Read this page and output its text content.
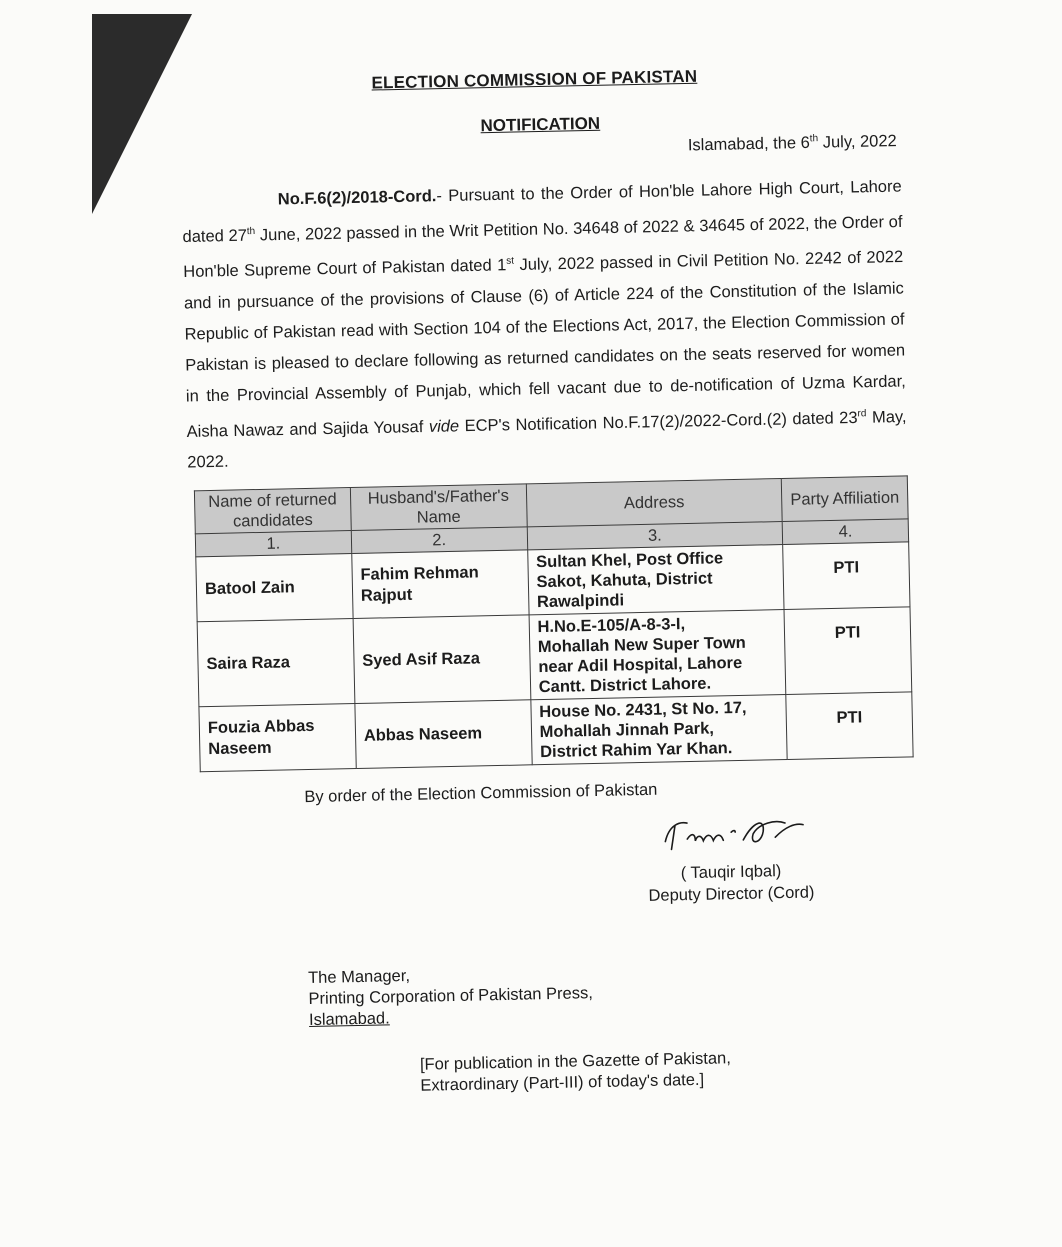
ELECTION COMMISSION OF PAKISTAN
NOTIFICATION
Islamabad, the 6th July, 2022
No.F.6(2)/2018-Cord.- Pursuant to the Order of Hon'ble Lahore High Court, Lahore dated 27th June, 2022 passed in the Writ Petition No. 34648 of 2022 & 34645 of 2022, the Order of Hon'ble Supreme Court of Pakistan dated 1st July, 2022 passed in Civil Petition No. 2242 of 2022 and in pursuance of the provisions of Clause (6) of Article 224 of the Constitution of the Islamic Republic of Pakistan read with Section 104 of the Elections Act, 2017, the Election Commission of Pakistan is pleased to declare following as returned candidates on the seats reserved for women in the Provincial Assembly of Punjab, which fell vacant due to de-notification of Uzma Kardar, Aisha Nawaz and Sajida Yousaf vide ECP's Notification No.F.17(2)/2022-Cord.(2) dated 23rd May, 2022.
Name of returned candidates	Husband's/Father's Name	Address	Party Affiliation
1.	2.	3.	4.
Batool Zain	Fahim Rehman Rajput	Sultan Khel, Post Office
Sakot, Kahuta, District
Rawalpindi	PTI
Saira Raza	Syed Asif Raza	H.No.E-105/A-8-3-I,
Mohallah New Super Town
near Adil Hospital, Lahore
Cantt. District Lahore.	PTI
Fouzia Abbas Naseem	Abbas Naseem	House No. 2431, St No. 17,
Mohallah Jinnah Park,
District Rahim Yar Khan.	PTI
By order of the Election Commission of Pakistan
( Tauqir Iqbal)
Deputy Director (Cord)
The Manager,
Printing Corporation of Pakistan Press,
Islamabad.
[For publication in the Gazette of Pakistan,
Extraordinary (Part-III) of today's date.]
